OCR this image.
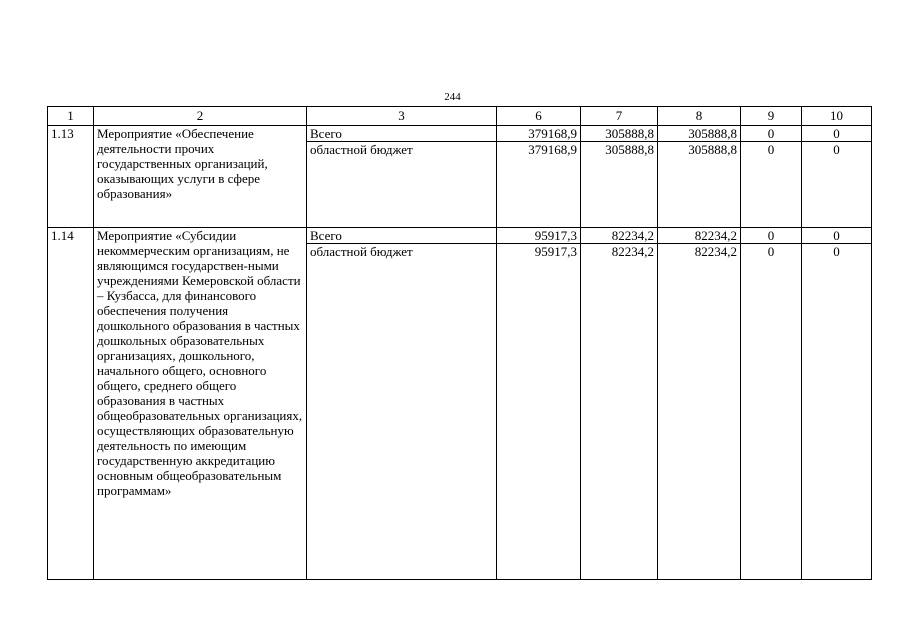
244
1	2	3	6	7	8	9	10
1.13	Мероприятие «Обеспечение деятельности прочих государственных организаций, оказывающих услуги в сфере образования»	Всего	379168,9	305888,8	305888,8	0	0
		областной бюджет	379168,9	305888,8	305888,8	0	0
1.14	Мероприятие «Субсидии некоммерческим организациям, не являющимся государствен-ными учреждениями Кемеровской области – Кузбасса, для финансового обеспечения получения дошкольного образования в частных дошкольных образовательных организациях, дошкольного, начального общего, основного общего, среднего общего образования в частных общеобразовательных организациях, осуществляющих образовательную деятельность по имеющим государственную аккредитацию основным общеобразовательным программам»	Всего	95917,3	82234,2	82234,2	0	0
		областной бюджет	95917,3	82234,2	82234,2	0	0
